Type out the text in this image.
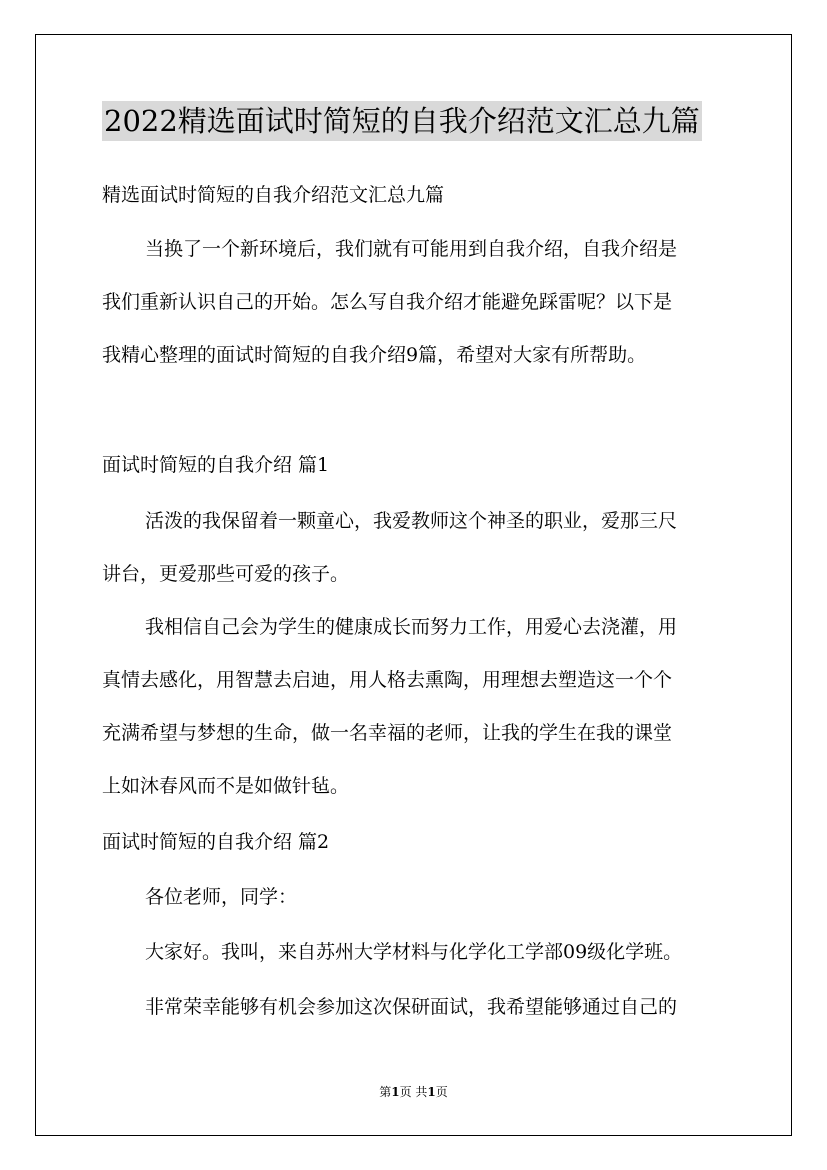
2022精选面试时简短的自我介绍范文汇总九篇
精选面试时简短的自我介绍范文汇总九篇
当换了一个新环境后，我们就有可能用到自我介绍，自我介绍是
我们重新认识自己的开始。怎么写自我介绍才能避免踩雷呢？以下是
我精心整理的面试时简短的自我介绍9篇，希望对大家有所帮助。
面试时简短的自我介绍 篇1
活泼的我保留着一颗童心，我爱教师这个神圣的职业，爱那三尺
讲台，更爱那些可爱的孩子。
我相信自己会为学生的健康成长而努力工作，用爱心去浇灌，用
真情去感化，用智慧去启迪，用人格去熏陶，用理想去塑造这一个个
充满希望与梦想的生命，做一名幸福的老师，让我的学生在我的课堂
上如沐春风而不是如做针毡。
面试时简短的自我介绍 篇2
各位老师，同学：
大家好。我叫，来自苏州大学材料与化学化工学部09级化学班。
非常荣幸能够有机会参加这次保研面试，我希望能够通过自己的
第1页 共1页
